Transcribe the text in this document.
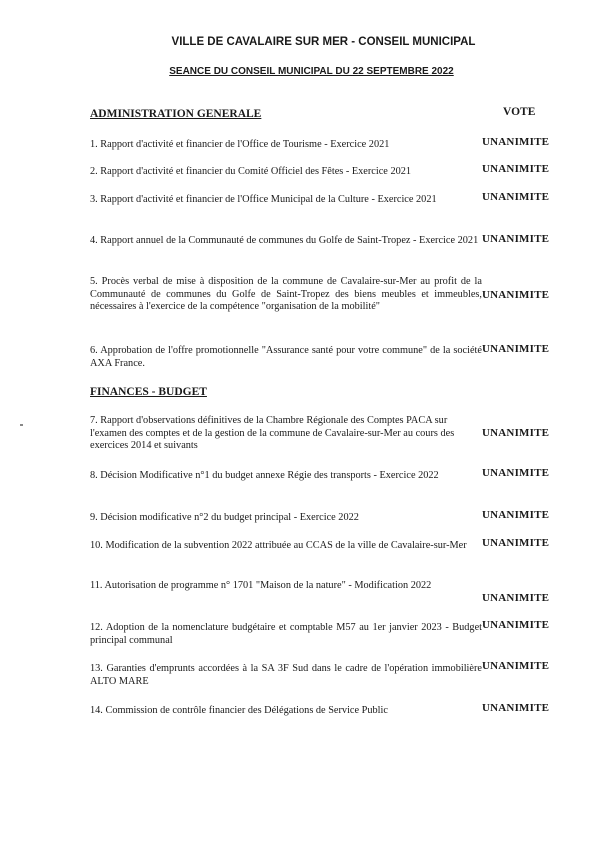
VILLE DE CAVALAIRE SUR MER - CONSEIL MUNICIPAL
SEANCE DU CONSEIL MUNICIPAL DU 22 SEPTEMBRE 2022
ADMINISTRATION GENERALE	VOTE
1. Rapport d'activité et financier de l'Office de Tourisme - Exercice 2021	UNANIMITE
2. Rapport d'activité et financier du Comité Officiel des Fêtes - Exercice 2021	UNANIMITE
3. Rapport d'activité et financier de l'Office Municipal de la Culture - Exercice 2021	UNANIMITE
4. Rapport annuel de la Communauté de communes du Golfe de Saint-Tropez - Exercice 2021 UNANIMITE
5. Procès verbal de mise à disposition de la commune de Cavalaire-sur-Mer au profit de la Communauté de communes du Golfe de Saint-Tropez des biens meubles et immeubles, nécessaires à l'exercice de la compétence "organisation de la mobilité"
UNANIMITE
6. Approbation de l'offre promotionnelle "Assurance santé pour votre commune" de la société AXA France.
UNANIMITE
FINANCES - BUDGET
7. Rapport d'observations définitives de la Chambre Régionale des Comptes PACA sur l'examen des comptes et de la gestion de la commune de Cavalaire-sur-Mer au cours des exercices 2014 et suivants
UNANIMITE
8. Décision Modificative n°1 du budget annexe Régie des transports - Exercice 2022	UNANIMITE
9. Décision modificative n°2 du budget principal - Exercice 2022	UNANIMITE
10. Modification de la subvention 2022 attribuée au CCAS de la ville de Cavalaire-sur-Mer	UNANIMITE
11. Autorisation de programme n° 1701 "Maison de la nature" - Modification 2022
UNANIMITE
12. Adoption de la nomenclature budgétaire et comptable M57 au 1er janvier 2023 - Budget principal communal
UNANIMITE
13. Garanties d'emprunts accordées à la SA 3F Sud dans le cadre de l'opération immobilière ALTO MARE
UNANIMITE
14. Commission de contrôle financier des Délégations de Service Public	UNANIMITE
